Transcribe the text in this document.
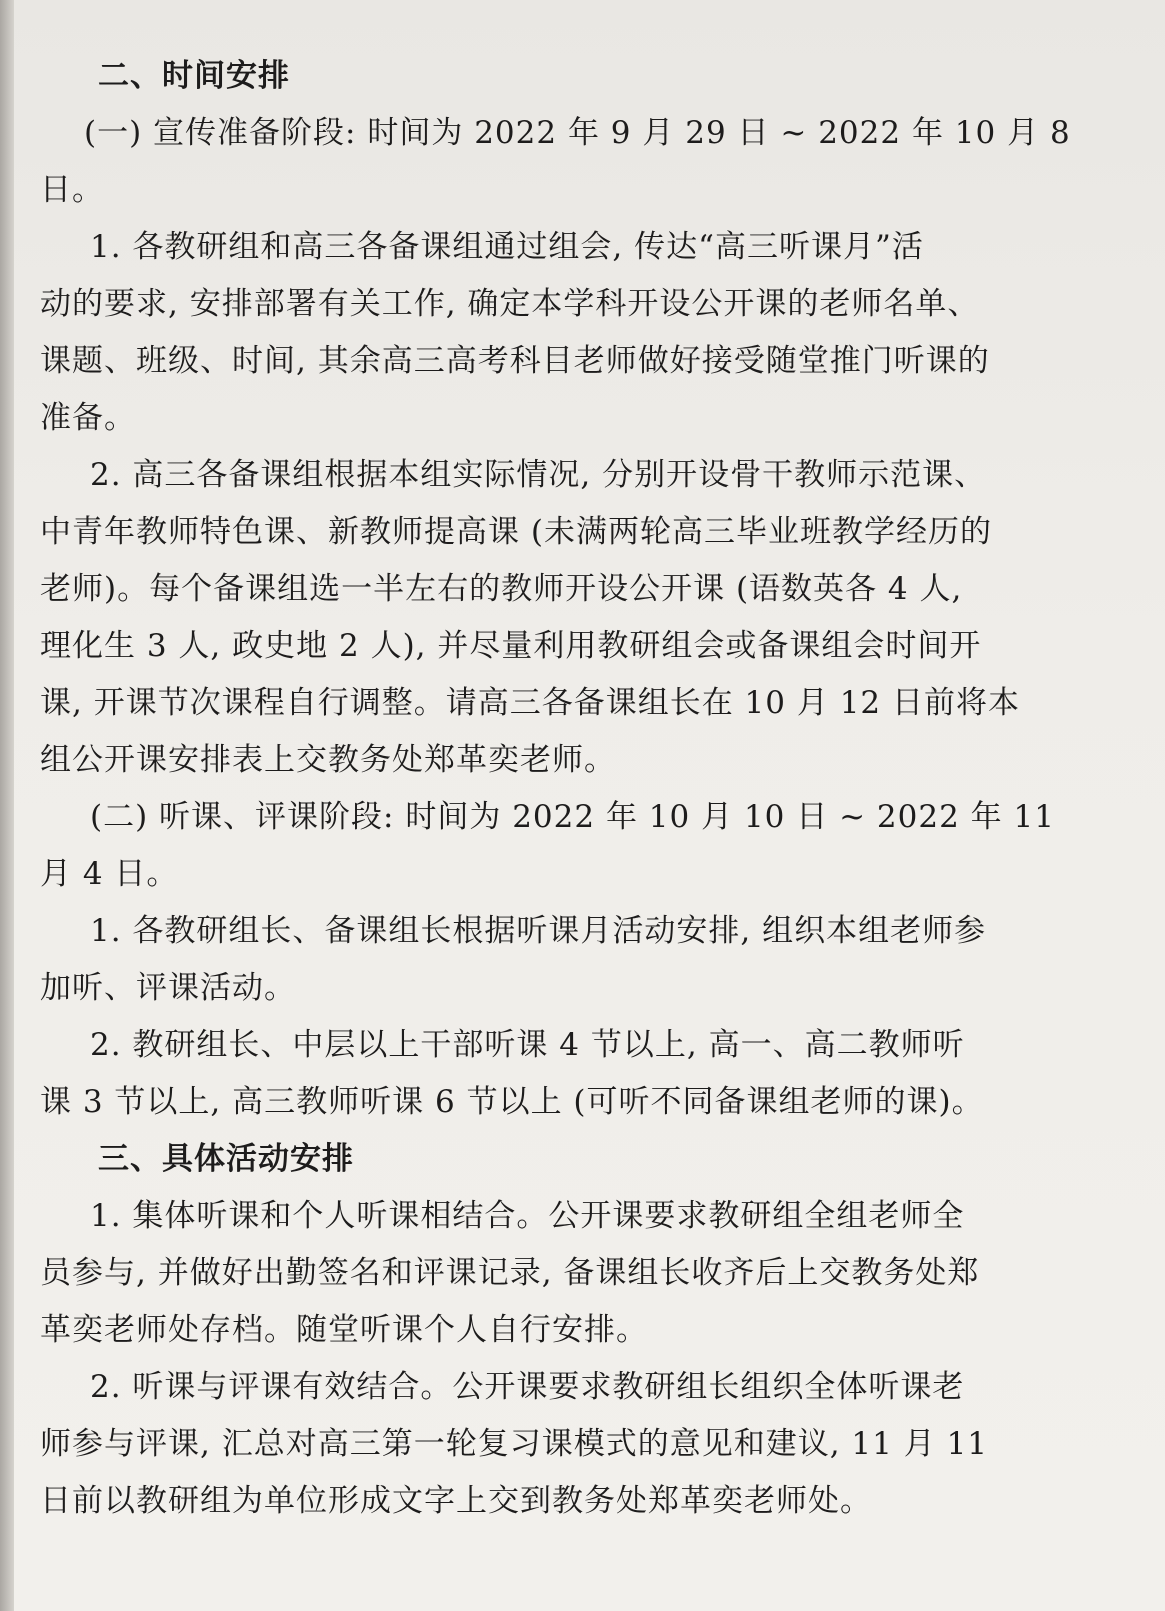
二、时间安排
(一) 宣传准备阶段: 时间为 2022 年 9 月 29 日 ~ 2022 年 10 月 8
日。
1. 各教研组和高三各备课组通过组会, 传达“高三听课月”活
动的要求, 安排部署有关工作, 确定本学科开设公开课的老师名单、
课题、班级、时间, 其余高三高考科目老师做好接受随堂推门听课的
准备。
2. 高三各备课组根据本组实际情况, 分别开设骨干教师示范课、
中青年教师特色课、新教师提高课 (未满两轮高三毕业班教学经历的
老师)。每个备课组选一半左右的教师开设公开课 (语数英各 4 人,
理化生 3 人, 政史地 2 人), 并尽量利用教研组会或备课组会时间开
课, 开课节次课程自行调整。请高三各备课组长在 10 月 12 日前将本
组公开课安排表上交教务处郑革奕老师。
(二) 听课、评课阶段: 时间为 2022 年 10 月 10 日 ~ 2022 年 11
月 4 日。
1. 各教研组长、备课组长根据听课月活动安排, 组织本组老师参
加听、评课活动。
2. 教研组长、中层以上干部听课 4 节以上, 高一、高二教师听
课 3 节以上, 高三教师听课 6 节以上 (可听不同备课组老师的课)。
三、具体活动安排
1. 集体听课和个人听课相结合。公开课要求教研组全组老师全
员参与, 并做好出勤签名和评课记录, 备课组长收齐后上交教务处郑
革奕老师处存档。随堂听课个人自行安排。
2. 听课与评课有效结合。公开课要求教研组长组织全体听课老
师参与评课, 汇总对高三第一轮复习课模式的意见和建议, 11 月 11
日前以教研组为单位形成文字上交到教务处郑革奕老师处。
